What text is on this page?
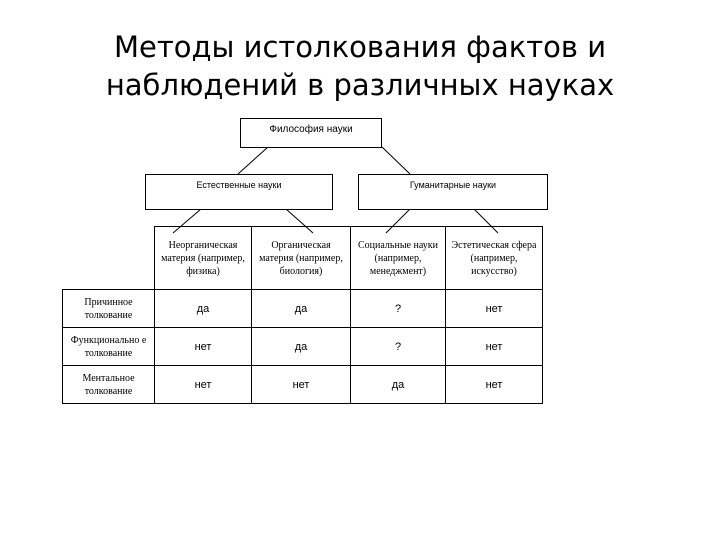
Методы истолкования фактов и
наблюдений в различных науках
Философия науки
Естественные науки	Гуманитарные науки
	Неорганическая материя (например, физика)	Органическая материя (например, биология)	Социальные науки (например, менеджмент)	Эстетическая сфера (например, искусство)
Причинное толкование	да	да	?	нет
Функционально е толкование	нет	да	?	нет
Ментальное толкование	нет	нет	да	нет
